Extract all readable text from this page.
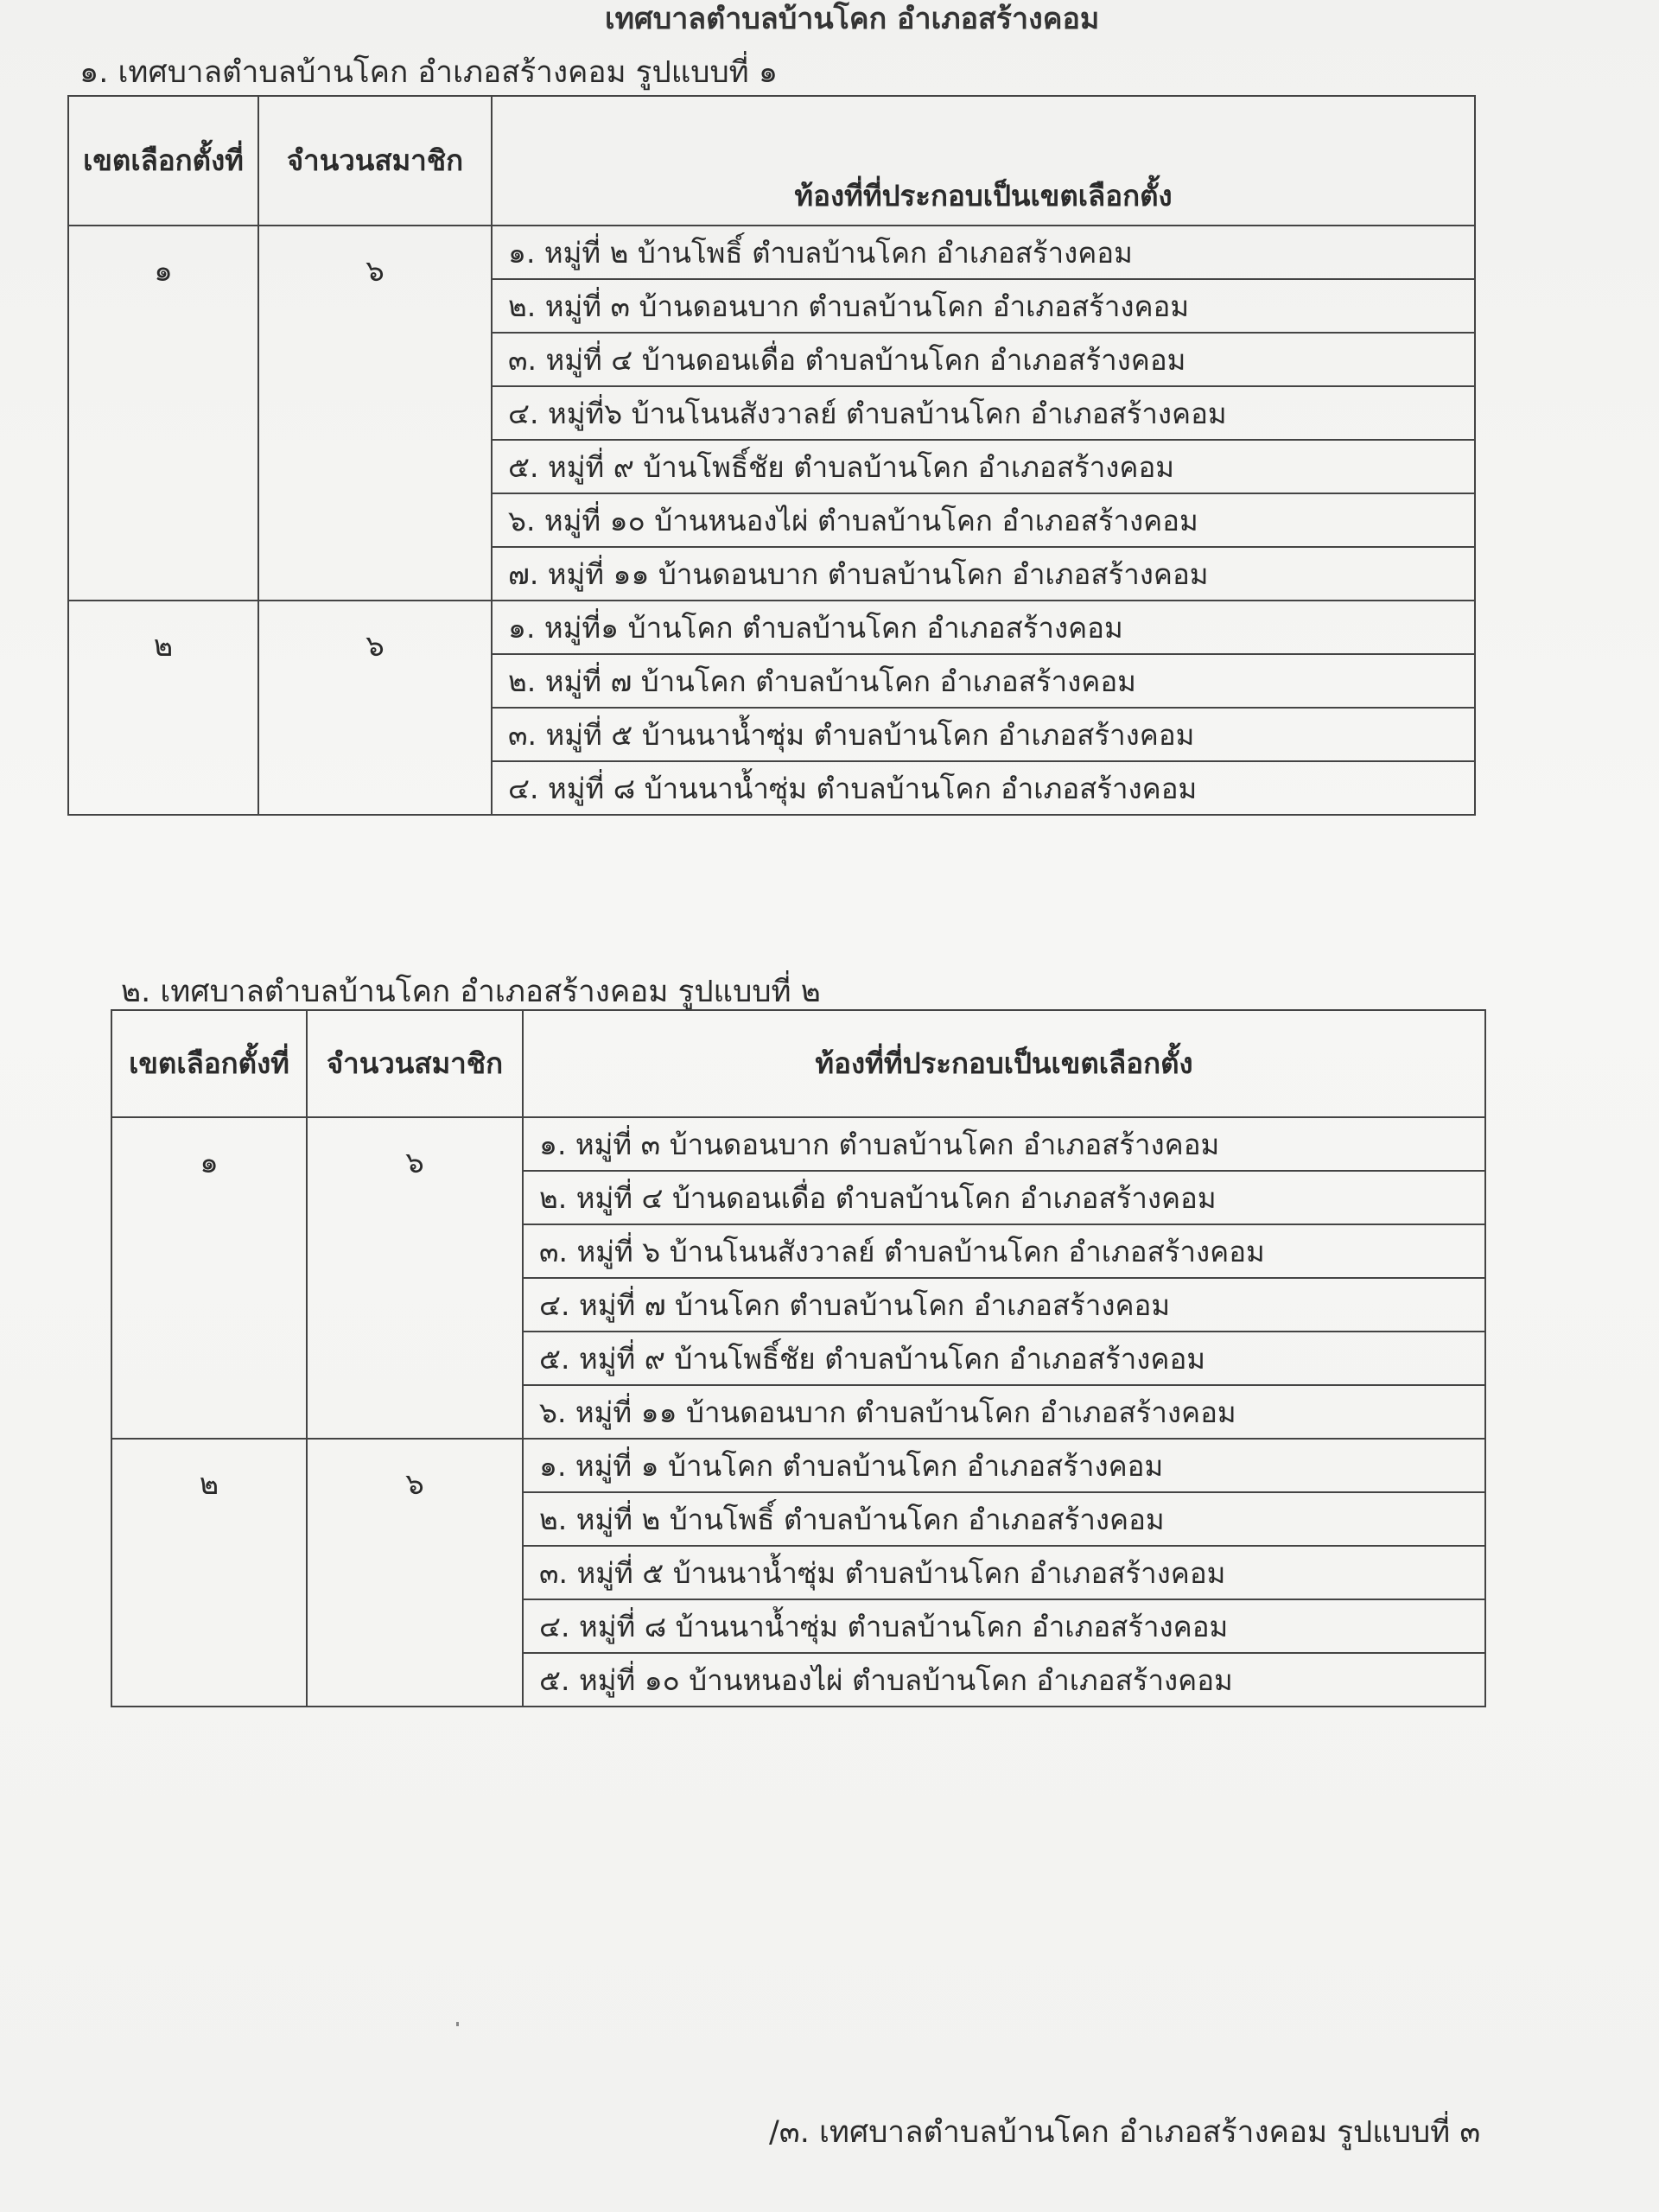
เทศบาลตำบลบ้านโคก อำเภอสร้างคอม
๑. เทศบาลตำบลบ้านโคก อำเภอสร้างคอม รูปแบบที่ ๑
เขตเลือกตั้งที่	จำนวนสมาชิก	ท้องที่ที่ประกอบเป็นเขตเลือกตั้ง
๑	๖	๑. หมู่ที่ ๒ บ้านโพธิ์ ตำบลบ้านโคก อำเภอสร้างคอม
		๒. หมู่ที่ ๓ บ้านดอนบาก ตำบลบ้านโคก อำเภอสร้างคอม
		๓. หมู่ที่ ๔ บ้านดอนเดื่อ ตำบลบ้านโคก อำเภอสร้างคอม
		๔. หมู่ที่๖ บ้านโนนสังวาลย์ ตำบลบ้านโคก อำเภอสร้างคอม
		๕. หมู่ที่ ๙ บ้านโพธิ์ชัย ตำบลบ้านโคก อำเภอสร้างคอม
		๖. หมู่ที่ ๑๐ บ้านหนองไผ่ ตำบลบ้านโคก อำเภอสร้างคอม
		๗. หมู่ที่ ๑๑ บ้านดอนบาก ตำบลบ้านโคก อำเภอสร้างคอม
๒	๖	๑. หมู่ที่๑ บ้านโคก ตำบลบ้านโคก อำเภอสร้างคอม
		๒. หมู่ที่ ๗ บ้านโคก ตำบลบ้านโคก อำเภอสร้างคอม
		๓. หมู่ที่ ๕ บ้านนาน้ำซุ่ม ตำบลบ้านโคก อำเภอสร้างคอม
		๔. หมู่ที่ ๘ บ้านนาน้ำซุ่ม ตำบลบ้านโคก อำเภอสร้างคอม
๒. เทศบาลตำบลบ้านโคก อำเภอสร้างคอม รูปแบบที่ ๒
เขตเลือกตั้งที่	จำนวนสมาชิก	ท้องที่ที่ประกอบเป็นเขตเลือกตั้ง
๑	๖	๑. หมู่ที่ ๓ บ้านดอนบาก ตำบลบ้านโคก อำเภอสร้างคอม
		๒. หมู่ที่ ๔ บ้านดอนเดื่อ ตำบลบ้านโคก อำเภอสร้างคอม
		๓. หมู่ที่ ๖ บ้านโนนสังวาลย์ ตำบลบ้านโคก อำเภอสร้างคอม
		๔. หมู่ที่ ๗ บ้านโคก ตำบลบ้านโคก อำเภอสร้างคอม
		๕. หมู่ที่ ๙ บ้านโพธิ์ชัย ตำบลบ้านโคก อำเภอสร้างคอม
		๖. หมู่ที่ ๑๑ บ้านดอนบาก ตำบลบ้านโคก อำเภอสร้างคอม
๒	๖	๑. หมู่ที่ ๑ บ้านโคก ตำบลบ้านโคก อำเภอสร้างคอม
		๒. หมู่ที่ ๒ บ้านโพธิ์ ตำบลบ้านโคก อำเภอสร้างคอม
		๓. หมู่ที่ ๕ บ้านนาน้ำซุ่ม ตำบลบ้านโคก อำเภอสร้างคอม
		๔. หมู่ที่ ๘ บ้านนาน้ำซุ่ม ตำบลบ้านโคก อำเภอสร้างคอม
		๕. หมู่ที่ ๑๐ บ้านหนองไผ่ ตำบลบ้านโคก อำเภอสร้างคอม
/๓. เทศบาลตำบลบ้านโคก อำเภอสร้างคอม รูปแบบที่ ๓
